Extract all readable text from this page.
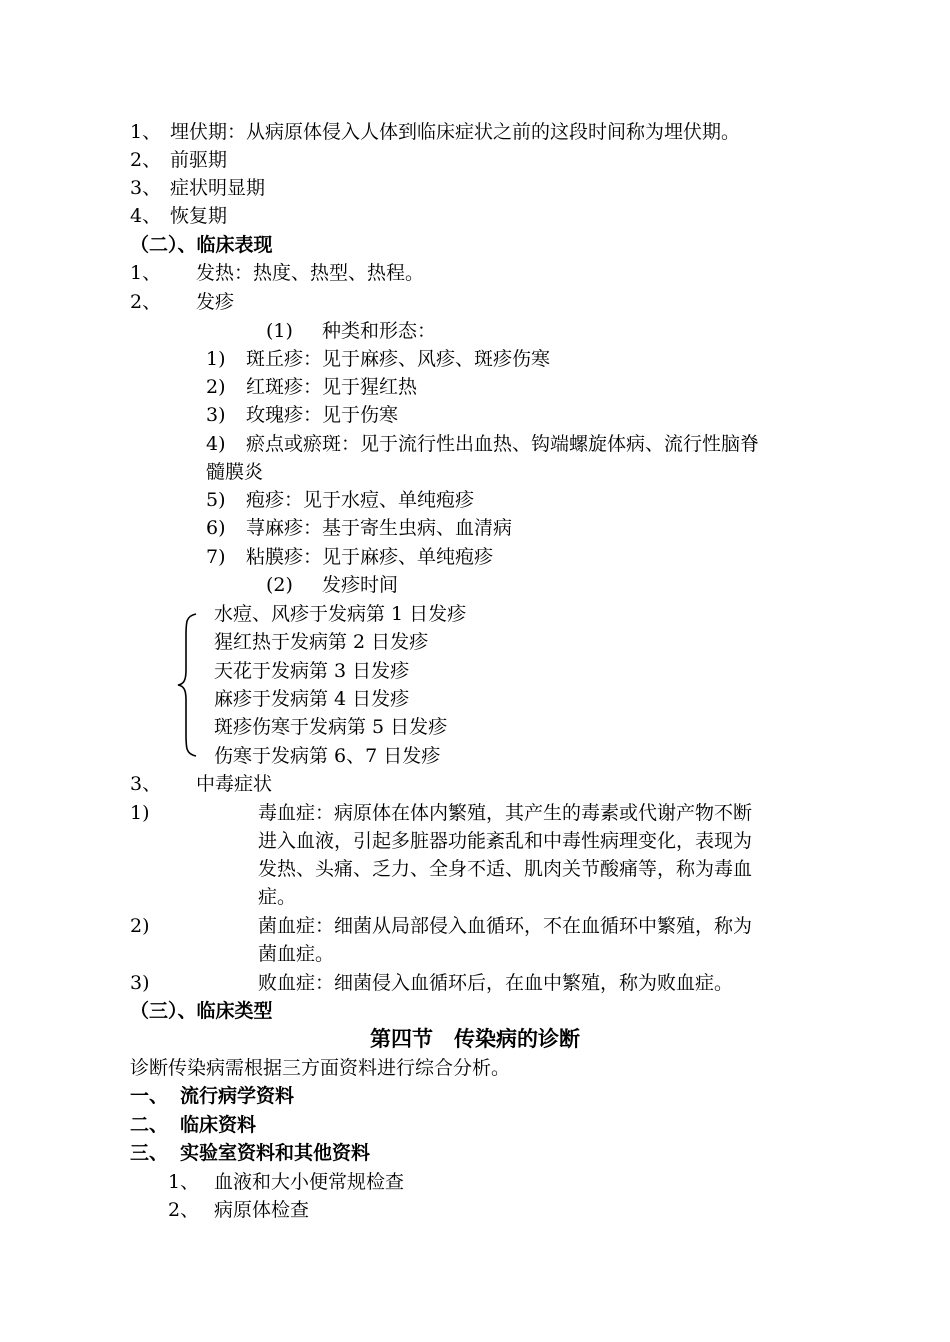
1、 埋伏期：从病原体侵入人体到临床症状之前的这段时间称为埋伏期。
2、 前驱期
3、 症状明显期
4、 恢复期
（二）、临床表现
1、 发热：热度、热型、热程。
2、 发疹
(1) 种类和形态：
1) 斑丘疹：见于麻疹、风疹、斑疹伤寒
2) 红斑疹：见于猩红热
3) 玫瑰疹：见于伤寒
4) 瘀点或瘀斑：见于流行性出血热、钩端螺旋体病、流行性脑脊
髓膜炎
5) 疱疹：见于水痘、单纯疱疹
6) 荨麻疹：基于寄生虫病、血清病
7) 粘膜疹：见于麻疹、单纯疱疹
(2) 发疹时间
水痘、风疹于发病第 1 日发疹
猩红热于发病第 2 日发疹
天花于发病第 3 日发疹
麻疹于发病第 4 日发疹
斑疹伤寒于发病第 5 日发疹
伤寒于发病第 6、7 日发疹
3、 中毒症状
1)	毒血症：病原体在体内繁殖，其产生的毒素或代谢产物不断
进入血液，引起多脏器功能紊乱和中毒性病理变化，表现为
发热、头痛、乏力、全身不适、肌肉关节酸痛等，称为毒血
症。
2)	菌血症：细菌从局部侵入血循环，不在血循环中繁殖，称为
菌血症。
3)	败血症：细菌侵入血循环后，在血中繁殖，称为败血症。
（三）、临床类型
第四节　传染病的诊断
诊断传染病需根据三方面资料进行综合分析。
一、 流行病学资料
二、 临床资料
三、 实验室资料和其他资料
1、 血液和大小便常规检查
2、 病原体检查
